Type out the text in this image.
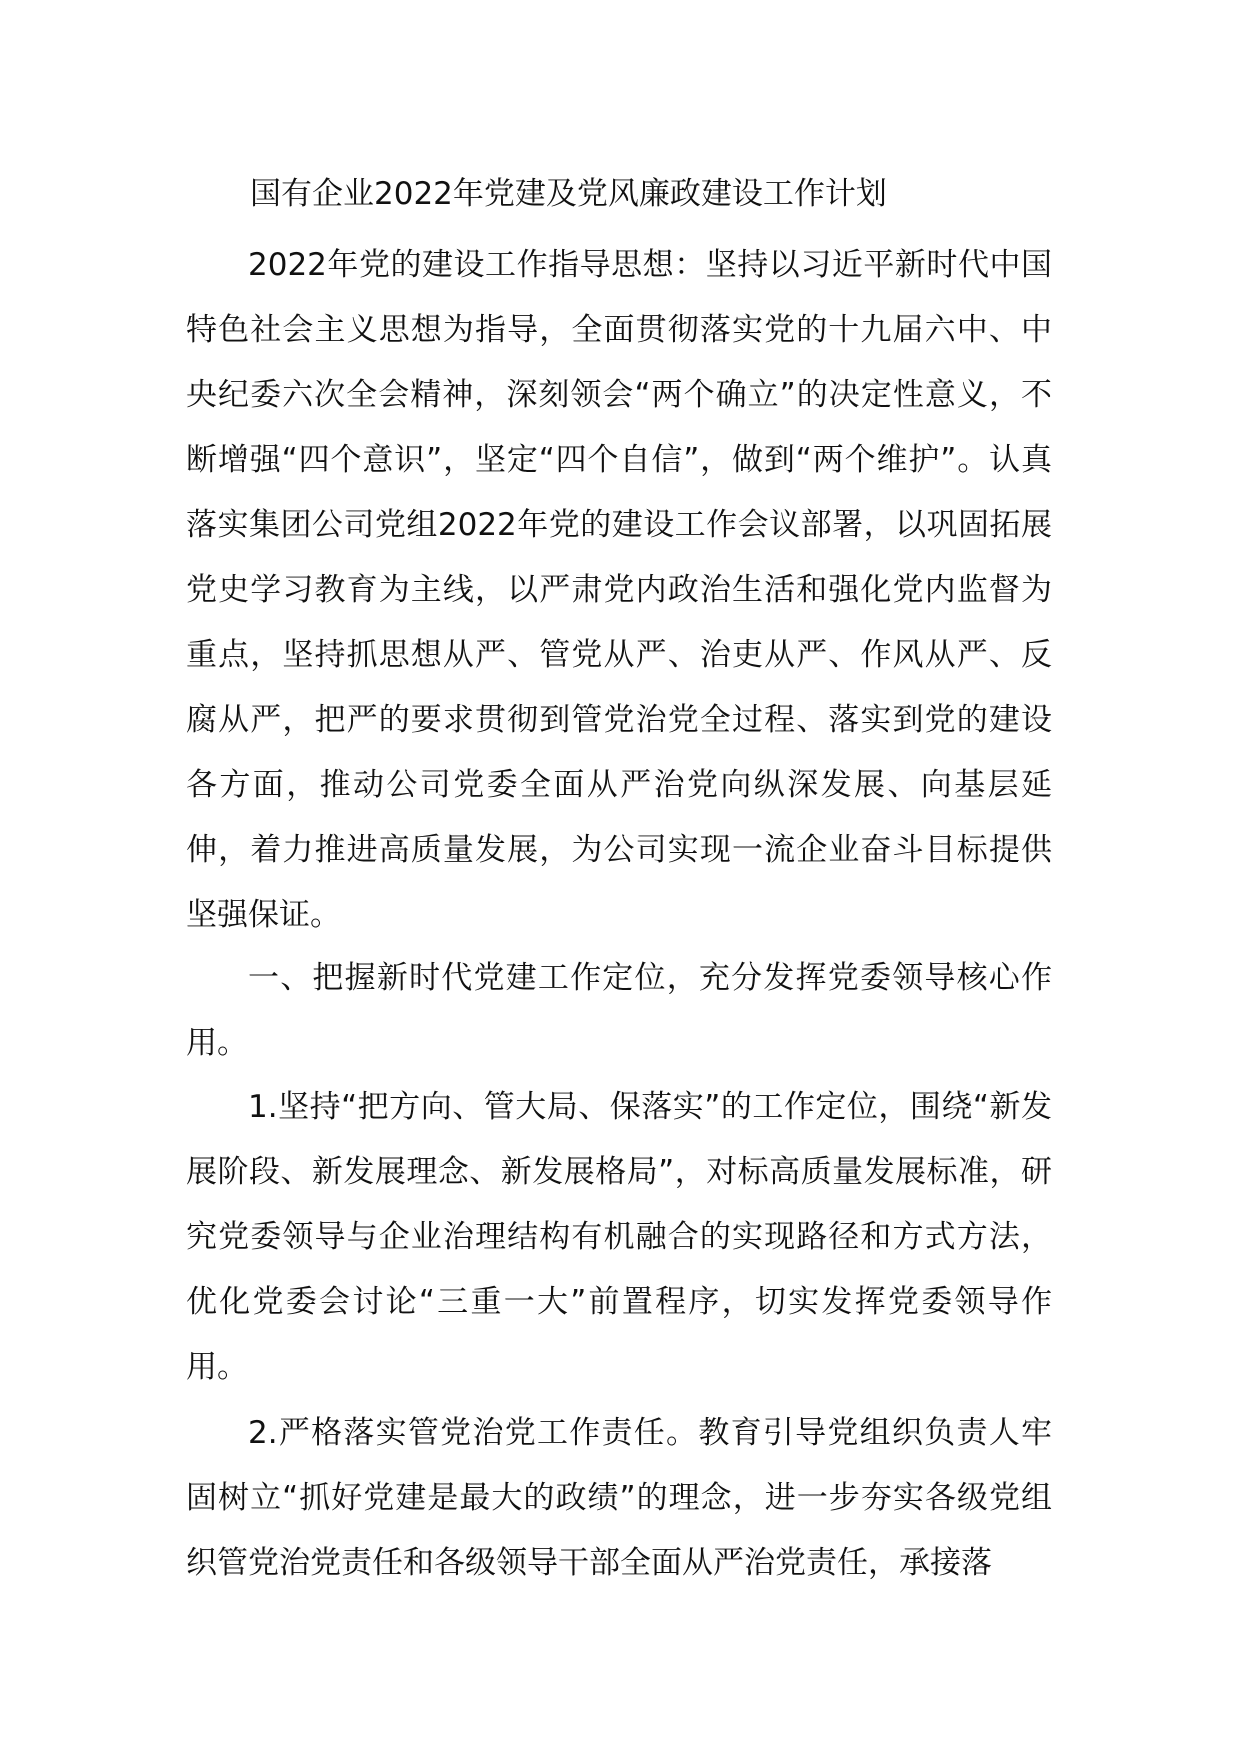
国有企业2022年党建及党风廉政建设工作计划

2022年党的建设工作指导思想：坚持以习近平新时代中国特色社会主义思想为指导，全面贯彻落实党的十九届六中、中央纪委六次全会精神，深刻领会“两个确立”的决定性意义，不断增强“四个意识”，坚定“四个自信”，做到“两个维护”。认真落实集团公司党组2022年党的建设工作会议部署，以巩固拓展党史学习教育为主线，以严肃党内政治生活和强化党内监督为重点，坚持抓思想从严、管党从严、治吏从严、作风从严、反腐从严，把严的要求贯彻到管党治党全过程、落实到党的建设各方面，推动公司党委全面从严治党向纵深发展、向基层延伸，着力推进高质量发展，为公司实现一流企业奋斗目标提供坚强保证。

一、把握新时代党建工作定位，充分发挥党委领导核心作用。

1.坚持“把方向、管大局、保落实”的工作定位，围绕“新发展阶段、新发展理念、新发展格局”，对标高质量发展标准，研究党委领导与企业治理结构有机融合的实现路径和方式方法，优化党委会讨论“三重一大”前置程序，切实发挥党委领导作用。

2.严格落实管党治党工作责任。教育引导党组织负责人牢固树立“抓好党建是最大的政绩”的理念，进一步夯实各级党组织管党治党责任和各级领导干部全面从严治党责任，承接落
